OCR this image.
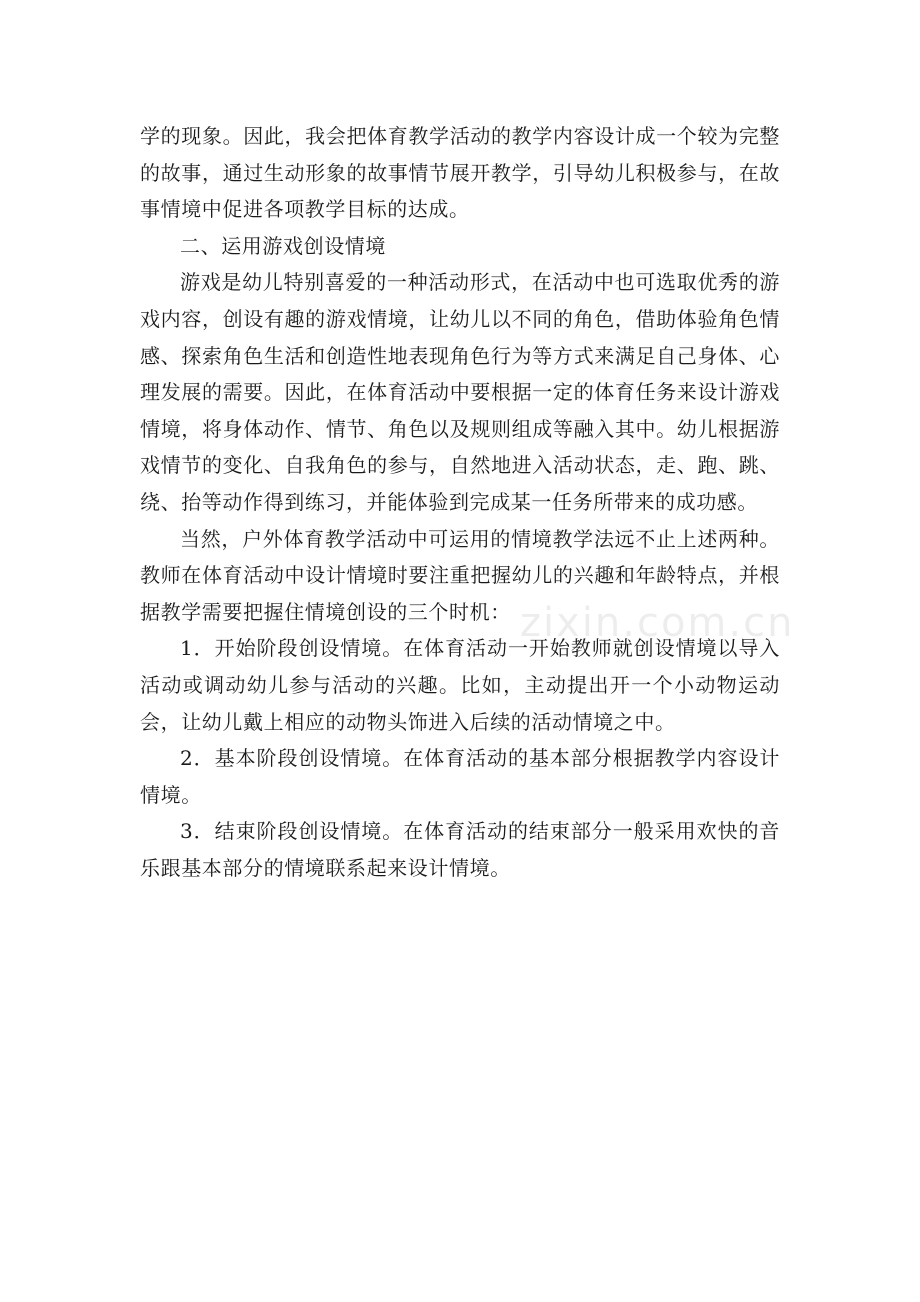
学的现象。因此，我会把体育教学活动的教学内容设计成一个较为完整的故事，通过生动形象的故事情节展开教学，引导幼儿积极参与，在故事情境中促进各项教学目标的达成。

二、运用游戏创设情境

游戏是幼儿特别喜爱的一种活动形式，在活动中也可选取优秀的游戏内容，创设有趣的游戏情境，让幼儿以不同的角色，借助体验角色情感、探索角色生活和创造性地表现角色行为等方式来满足自己身体、心理发展的需要。因此，在体育活动中要根据一定的体育任务来设计游戏情境，将身体动作、情节、角色以及规则组成等融入其中。幼儿根据游戏情节的变化、自我角色的参与，自然地进入活动状态，走、跑、跳、绕、抬等动作得到练习，并能体验到完成某一任务所带来的成功感。

当然，户外体育教学活动中可运用的情境教学法远不止上述两种。教师在体育活动中设计情境时要注重把握幼儿的兴趣和年龄特点，并根据教学需要把握住情境创设的三个时机：

1．开始阶段创设情境。在体育活动一开始教师就创设情境以导入活动或调动幼儿参与活动的兴趣。比如，主动提出开一个小动物运动会，让幼儿戴上相应的动物头饰进入后续的活动情境之中。

2．基本阶段创设情境。在体育活动的基本部分根据教学内容设计情境。

3．结束阶段创设情境。在体育活动的结束部分一般采用欢快的音乐跟基本部分的情境联系起来设计情境。

zixin.com.cn
